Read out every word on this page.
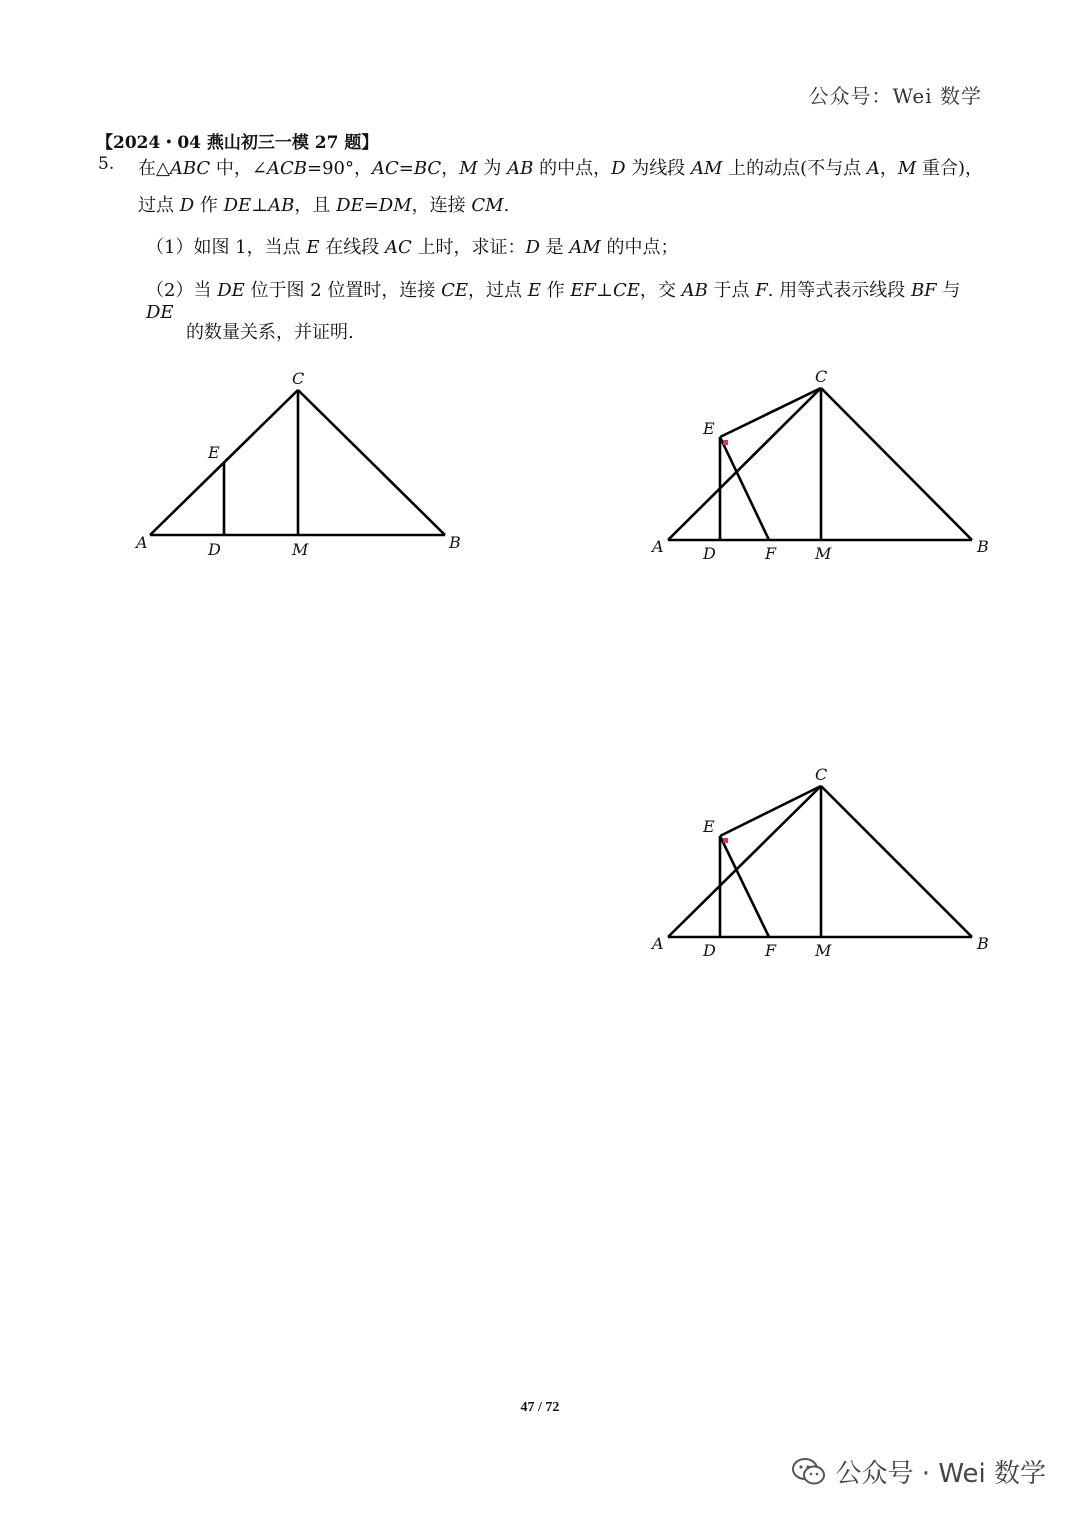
公众号：Wei 数学
【2024・04 燕山初三一模 27 题】
5. 在△ABC 中，∠ACB=90°，AC=BC，M 为 AB 的中点，D 为线段 AM 上的动点(不与点 A，M 重合)，
过点 D 作 DE⊥AB，且 DE=DM，连接 CM.
（1）如图 1，当点 E 在线段 AC 上时，求证：D 是 AM 的中点；
（2）当 DE 位于图 2 位置时，连接 CE，过点 E 作 EF⊥CE，交 AB 于点 F. 用等式表示线段 BF 与 DE
的数量关系，并证明.
C
E
A	D	M	B
C
E
A D	F M	B
C
E
A D	F M	B
47 / 72
公众号 · Wei 数学
